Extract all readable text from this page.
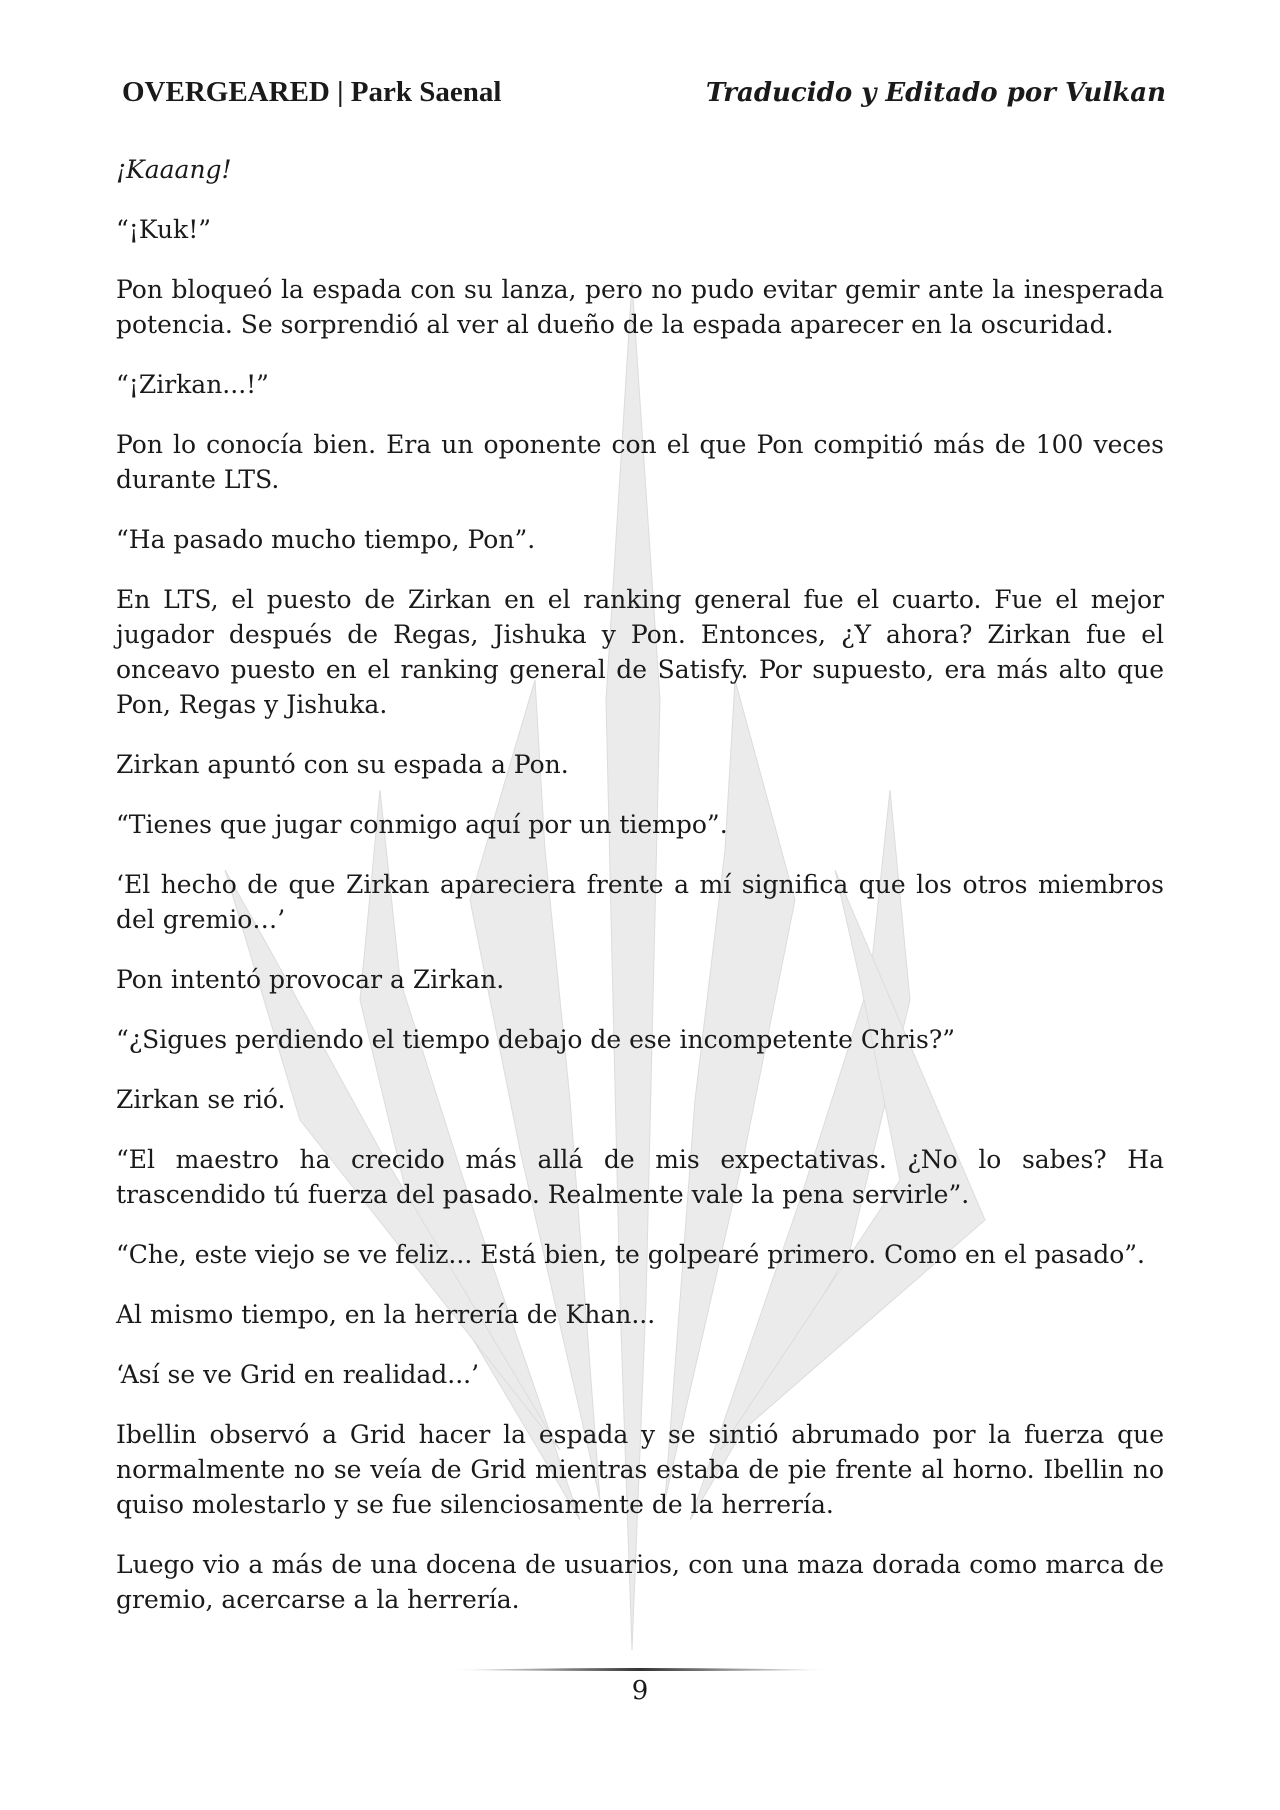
OVERGEARED | Park Saenal	Traducido y Editado por Vulkan

¡Kaaang!

“¡Kuk!”

Pon bloqueó la espada con su lanza, pero no pudo evitar gemir ante la inesperada potencia. Se sorprendió al ver al dueño de la espada aparecer en la oscuridad.

“¡Zirkan...!”

Pon lo conocía bien. Era un oponente con el que Pon compitió más de 100 veces durante LTS.

“Ha pasado mucho tiempo, Pon”.

En LTS, el puesto de Zirkan en el ranking general fue el cuarto. Fue el mejor jugador después de Regas, Jishuka y Pon. Entonces, ¿Y ahora? Zirkan fue el onceavo puesto en el ranking general de Satisfy. Por supuesto, era más alto que Pon, Regas y Jishuka.

Zirkan apuntó con su espada a Pon.

“Tienes que jugar conmigo aquí por un tiempo”.

‘El hecho de que Zirkan apareciera frente a mí significa que los otros miembros del gremio…’

Pon intentó provocar a Zirkan.

“¿Sigues perdiendo el tiempo debajo de ese incompetente Chris?”

Zirkan se rió.

“El maestro ha crecido más allá de mis expectativas. ¿No lo sabes? Ha trascendido tú fuerza del pasado. Realmente vale la pena servirle”.

“Che, este viejo se ve feliz... Está bien, te golpearé primero. Como en el pasado”.

Al mismo tiempo, en la herrería de Khan...

‘Así se ve Grid en realidad...’

Ibellin observó a Grid hacer la espada y se sintió abrumado por la fuerza que normalmente no se veía de Grid mientras estaba de pie frente al horno. Ibellin no quiso molestarlo y se fue silenciosamente de la herrería.

Luego vio a más de una docena de usuarios, con una maza dorada como marca de gremio, acercarse a la herrería.

9
